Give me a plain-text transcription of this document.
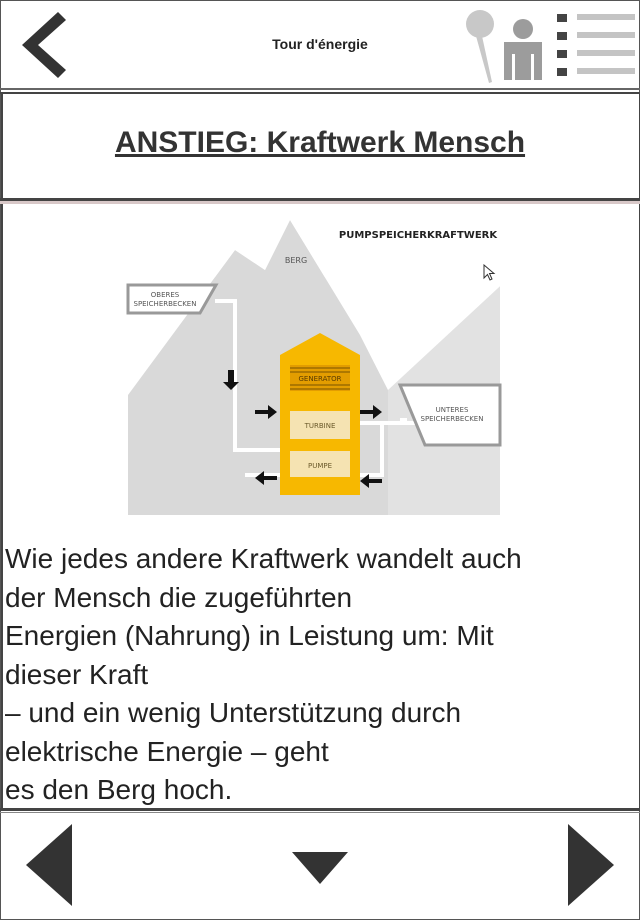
Tour d'énergie
ANSTIEG: Kraftwerk Mensch
OBERES
SPEICHERBECKEN
UNTERES
SPEICHERBECKEN
GENERATOR
TURBINE
PUMPE
BERG
PUMPSPEICHERKRAFTWERK
Wie jedes andere Kraftwerk wandelt auch
der Mensch die zugeführten
Energien (Nahrung) in Leistung um: Mit
dieser Kraft
– und ein wenig Unterstützung durch
elektrische Energie – geht
es den Berg hoch.
